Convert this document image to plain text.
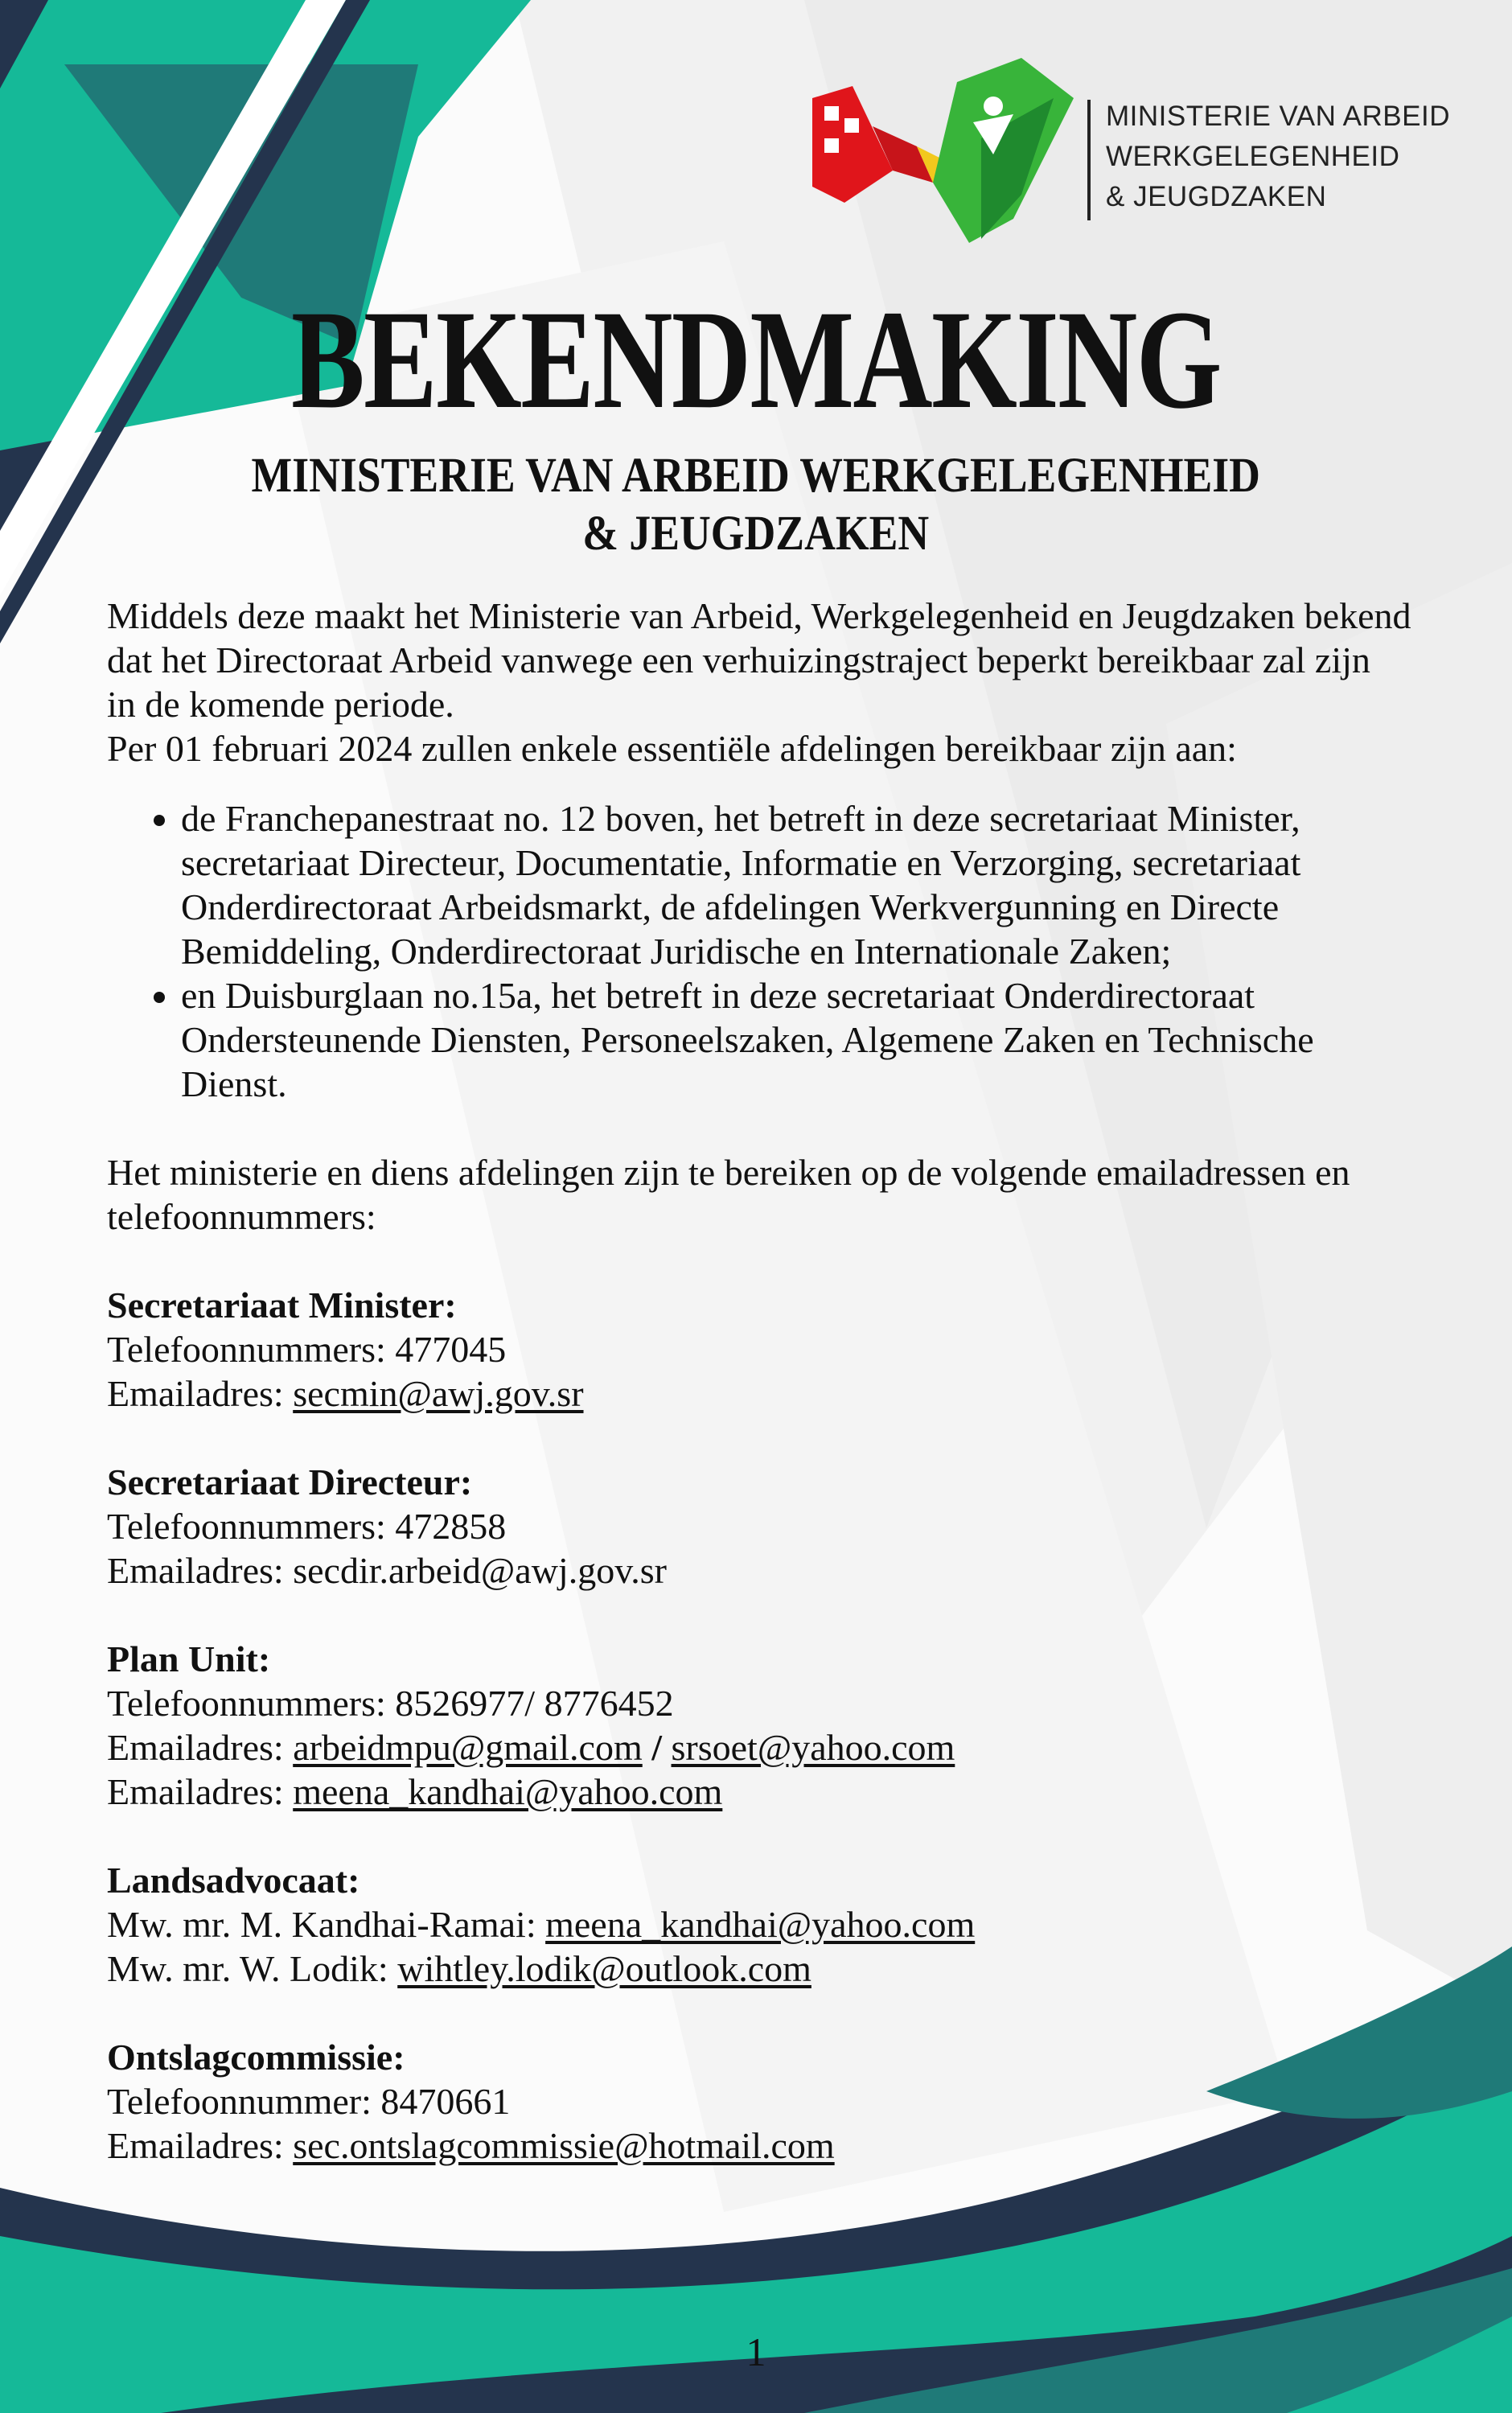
MINISTERIE VAN ARBEID
WERKGELEGENHEID
& JEUGDZAKEN
BEKENDMAKING
MINISTERIE VAN ARBEID WERKGELEGENHEID
& JEUGDZAKEN

Middels deze maakt het Ministerie van Arbeid, Werkgelegenheid en Jeugdzaken bekend

dat het Directoraat Arbeid vanwege een verhuizingstraject beperkt bereikbaar zal zijn

in de komende periode.

Per 01 februari 2024 zullen enkele essentiële afdelingen bereikbaar zijn aan:

• de Franchepanestraat no. 12 boven, het betreft in deze secretariaat Minister,
secretariaat Directeur, Documentatie, Informatie en Verzorging, secretariaat
Onderdirectoraat Arbeidsmarkt, de afdelingen Werkvergunning en Directe
Bemiddeling, Onderdirectoraat Juridische en Internationale Zaken;
• en Duisburglaan no.15a, het betreft in deze secretariaat Onderdirectoraat
Ondersteunende Diensten, Personeelszaken, Algemene Zaken en Technische
Dienst.

Het ministerie en diens afdelingen zijn te bereiken op de volgende emailadressen en

telefoonnummers:

Secretariaat Minister:

Telefoonnummers: 477045

Emailadres: secmin@awj.gov.sr

Secretariaat Directeur:

Telefoonnummers: 472858

Emailadres: secdir.arbeid@awj.gov.sr

Plan Unit:

Telefoonnummers: 8526977/ 8776452

Emailadres: arbeidmpu@gmail.com / srsoet@yahoo.com

Emailadres: meena_kandhai@yahoo.com

Landsadvocaat:

Mw. mr. M. Kandhai-Ramai: meena_kandhai@yahoo.com

Mw. mr. W. Lodik: wihtley.lodik@outlook.com

Ontslagcommissie:

Telefoonnummer: 8470661

Emailadres: sec.ontslagcommissie@hotmail.com

1
